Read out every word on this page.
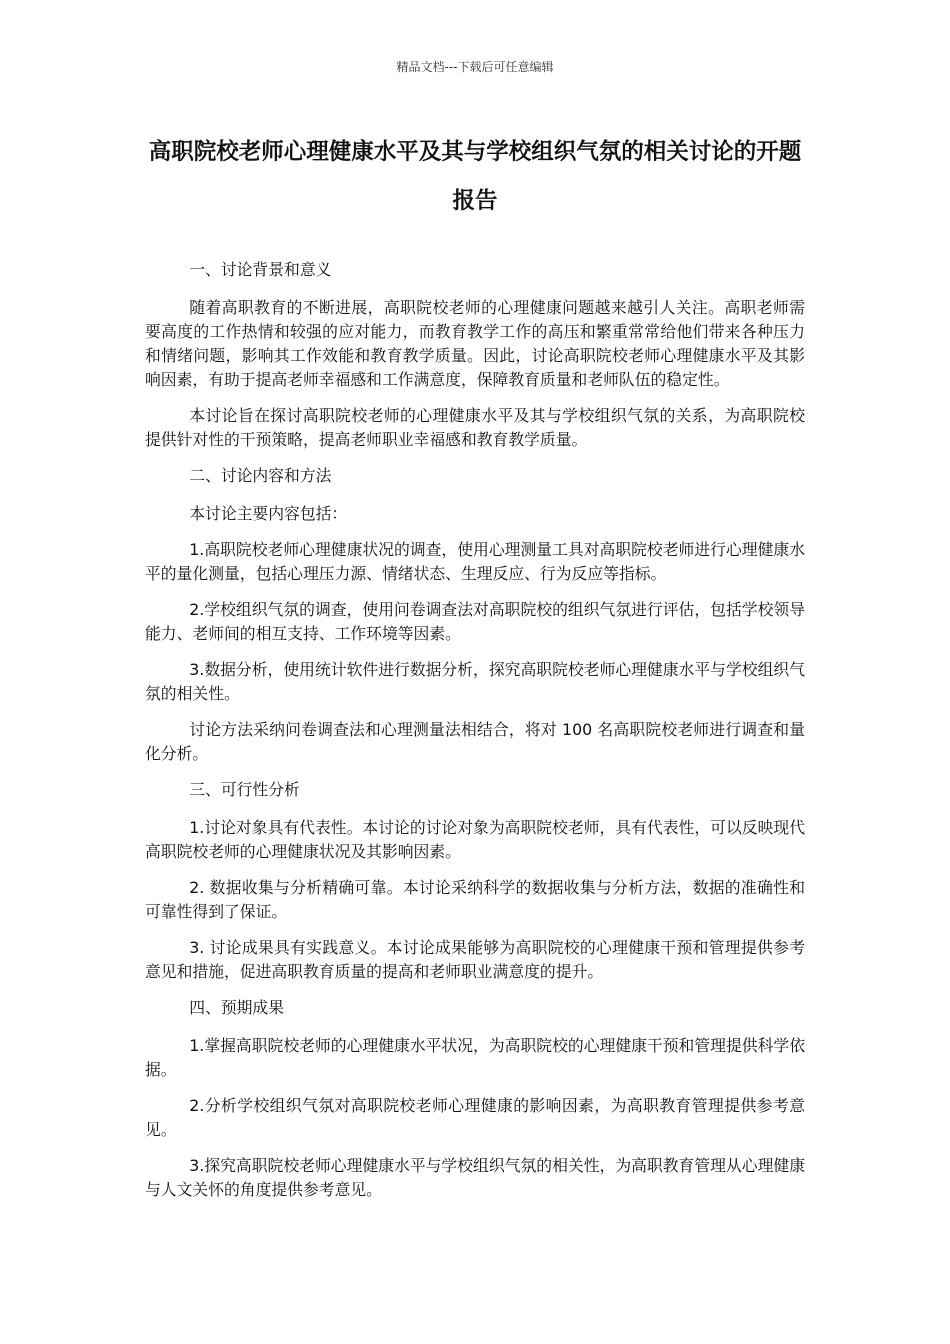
精品文档---下载后可任意编辑
高职院校老师心理健康水平及其与学校组织气氛的相关讨论的开题报告

一、讨论背景和意义

随着高职教育的不断进展，高职院校老师的心理健康问题越来越引人关注。高职老师需要高度的工作热情和较强的应对能力，而教育教学工作的高压和繁重常常给他们带来各种压力和情绪问题，影响其工作效能和教育教学质量。因此，讨论高职院校老师心理健康水平及其影响因素，有助于提高老师幸福感和工作满意度，保障教育质量和老师队伍的稳定性。

本讨论旨在探讨高职院校老师的心理健康水平及其与学校组织气氛的关系，为高职院校提供针对性的干预策略，提高老师职业幸福感和教育教学质量。

二、讨论内容和方法

本讨论主要内容包括：

1.高职院校老师心理健康状况的调查，使用心理测量工具对高职院校老师进行心理健康水平的量化测量，包括心理压力源、情绪状态、生理反应、行为反应等指标。

2.学校组织气氛的调查，使用问卷调查法对高职院校的组织气氛进行评估，包括学校领导能力、老师间的相互支持、工作环境等因素。

3.数据分析，使用统计软件进行数据分析，探究高职院校老师心理健康水平与学校组织气氛的相关性。

讨论方法采纳问卷调查法和心理测量法相结合，将对 100 名高职院校老师进行调查和量化分析。

三、可行性分析

1.讨论对象具有代表性。本讨论的讨论对象为高职院校老师，具有代表性，可以反映现代高职院校老师的心理健康状况及其影响因素。

2. 数据收集与分析精确可靠。本讨论采纳科学的数据收集与分析方法，数据的准确性和可靠性得到了保证。

3. 讨论成果具有实践意义。本讨论成果能够为高职院校的心理健康干预和管理提供参考意见和措施，促进高职教育质量的提高和老师职业满意度的提升。

四、预期成果

1.掌握高职院校老师的心理健康水平状况，为高职院校的心理健康干预和管理提供科学依据。

2.分析学校组织气氛对高职院校老师心理健康的影响因素，为高职教育管理提供参考意见。

3.探究高职院校老师心理健康水平与学校组织气氛的相关性，为高职教育管理从心理健康与人文关怀的角度提供参考意见。
